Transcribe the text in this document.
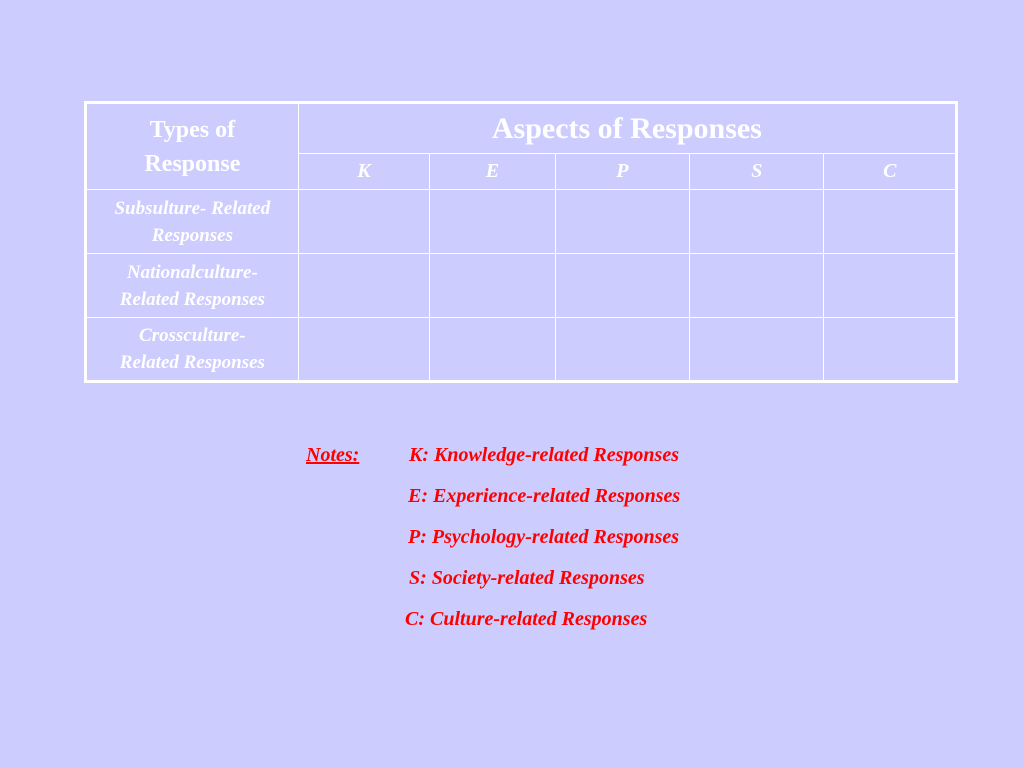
Types of
Response	Aspects of Responses				
	K	E	P	S	C

Subsulture- Related
Responses					

Nationalculture-
Related Responses					

Crossculture-
Related Responses					

Notes: K: Knowledge-related Responses
E: Experience-related Responses
P: Psychology-related Responses
S: Society-related Responses
C: Culture-related Responses
